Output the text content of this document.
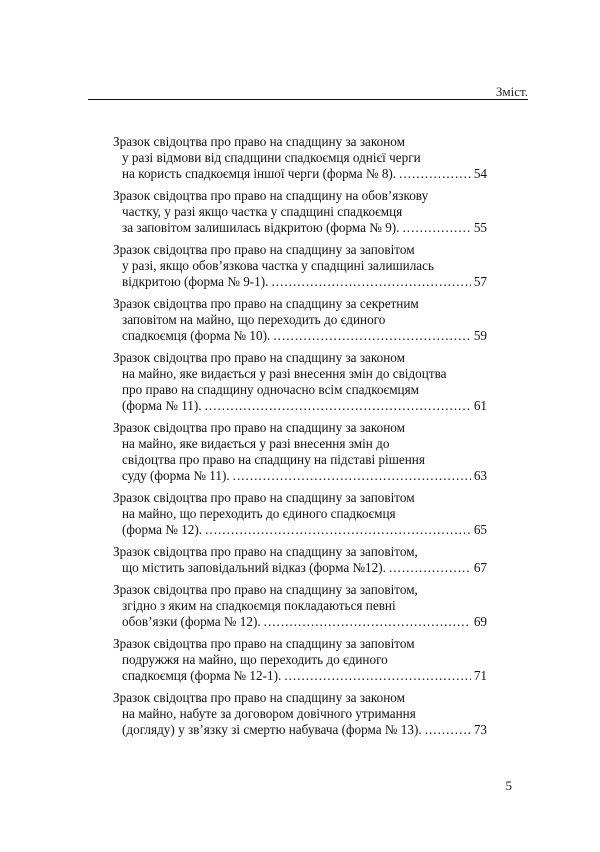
Зміст.
Зразок свідоцтва про право на спадщину за законом
у разі відмови від спадщини спадкоємця однієї черги
на користь спадкоємця іншої черги (форма № 8). .....	54
Зразок свідоцтва про право на спадщину на обов’язкову
частку, у разі якщо частка у спадщині спадкоємця
за заповітом залишилась відкритою (форма № 9). .....	55
Зразок свідоцтва про право на спадщину за заповітом
у разі, якщо обов’язкова частка у спадщині залишилась
відкритою (форма № 9-1). .....	57
Зразок свідоцтва про право на спадщину за секретним
заповітом на майно, що переходить до єдиного
спадкоємця (форма № 10). .....	59
Зразок свідоцтва про право на спадщину за законом
на майно, яке видається у разі внесення змін до свідоцтва
про право на спадщину одночасно всім спадкоємцям
(форма № 11). .....	61
Зразок свідоцтва про право на спадщину за законом
на майно, яке видається у разі внесення змін до
свідоцтва про право на спадщину на підставі рішення
суду (форма № 11). .....	63
Зразок свідоцтва про право на спадщину за заповітом
на майно, що переходить до єдиного спадкоємця
(форма № 12). .....	65
Зразок свідоцтва про право на спадщину за заповітом,
що містить заповідальний відказ (форма №12). .....	67
Зразок свідоцтва про право на спадщину за заповітом,
згідно з яким на спадкоємця покладаються певні
обов’язки (форма № 12). .....	69
Зразок свідоцтва про право на спадщину за заповітом
подружжя на майно, що переходить до єдиного
спадкоємця (форма № 12-1). .....	71
Зразок свідоцтва про право на спадщину за законом
на майно, набуте за договором довічного утримання
(догляду) у зв’язку зі смертю набувача (форма № 13). .....	73
5
